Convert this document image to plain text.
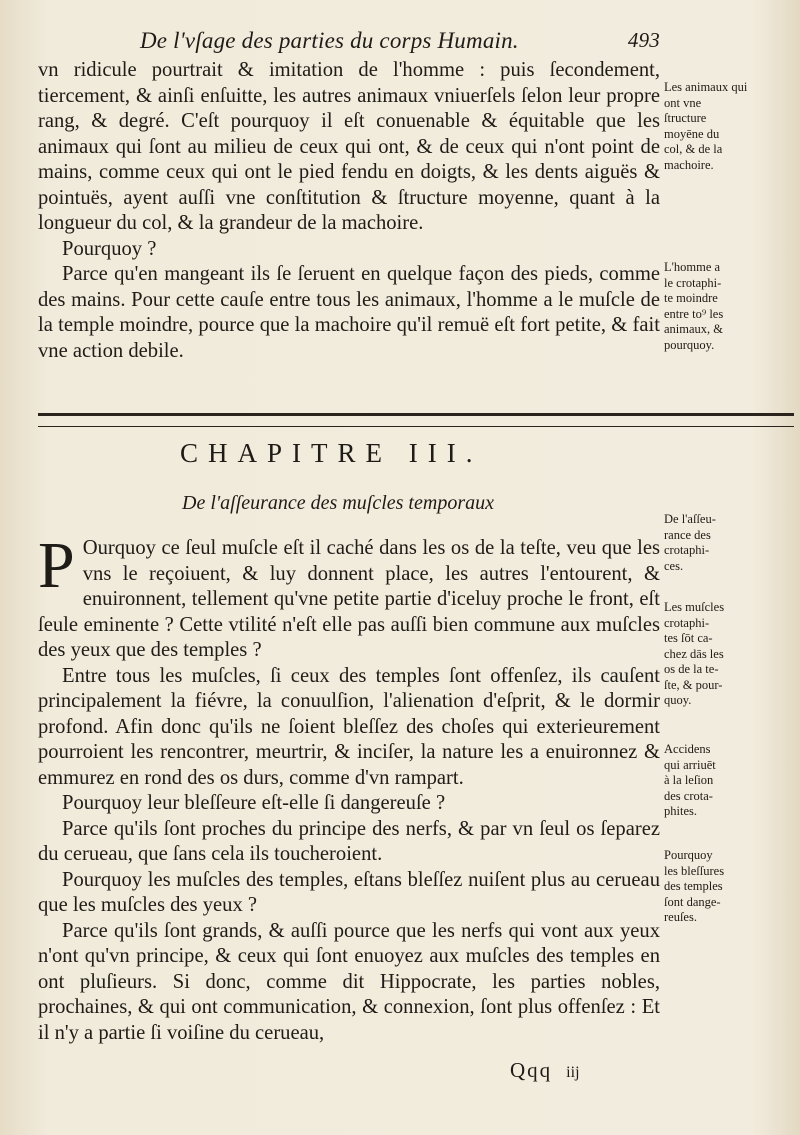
De l'vſage des parties du corps Humain.	493

vn ridicule pourtrait & imitation de l'homme : puis ſecondement, tiercement, & ainſi enſuitte, les autres animaux vniuerſels ſelon leur propre rang, & degré. C'eſt pourquoy il eſt conuenable & équitable que les animaux qui ſont au milieu de ceux qui ont, & de ceux qui n'ont point de mains, comme ceux qui ont le pied fendu en doigts, & les dents aiguës & pointuës, ayent auſſi vne conſtitution & ſtructure moyenne, quant à la longueur du col, & la grandeur de la machoire.

Pourquoy ?

Parce qu'en mangeant ils ſe ſeruent en quelque façon des pieds, comme des mains. Pour cette cauſe entre tous les animaux, l'homme a le muſcle de la temple moindre, pource que la machoire qu'il remuë eſt fort petite, & fait vne action debile.

CHAPITRE III.
De l'aſſeurance des muſcles temporaux

P Ourquoy ce ſeul muſcle eſt il caché dans les os de la teſte, veu que les vns le reçoiuent, & luy donnent place, les autres l'entourent, & enuironnent, tellement qu'vne petite partie d'iceluy proche le front, eſt ſeule eminente ? Cette vtilité n'eſt elle pas auſſi bien commune aux muſcles des yeux que des temples ?

Entre tous les muſcles, ſi ceux des temples ſont offenſez, ils cauſent principalement la fiévre, la conuulſion, l'alienation d'eſprit, & le dormir profond. Afin donc qu'ils ne ſoient bleſſez des choſes qui exterieurement pourroient les rencontrer, meurtrir, & inciſer, la nature les a enuironnez & emmurez en rond des os durs, comme d'vn rampart.

Pourquoy leur bleſſeure eſt-elle ſi dangereuſe ?

Parce qu'ils ſont proches du principe des nerfs, & par vn ſeul os ſeparez du cerueau, que ſans cela ils toucheroient.

Pourquoy les muſcles des temples, eſtans bleſſez nuiſent plus au cerueau que les muſcles des yeux ?

Parce qu'ils ſont grands, & auſſi pource que les nerfs qui vont aux yeux n'ont qu'vn principe, & ceux qui ſont enuoyez aux muſcles des temples en ont pluſieurs. Si donc, comme dit Hippocrate, les parties nobles, prochaines, & qui ont communication, & connexion, ſont plus offenſez : Et il n'y a partie ſi voiſine du cerueau,

Les animaux qui
ont vne
ſtructure
moyēne du
col, & de la
machoire.
L'homme a
le crotaphi-
te moindre
entre to⁹ les
animaux, &
pourquoy.
De l'aſſeu-
rance des
crotaphi-
ces.
Les muſcles
crotaphi-
tes ſōt ca-
chez dās les
os de la te-
ſte, & pour-
quoy.
Accidens
qui arriuēt
à la leſion
des crota-
phites.
Pourquoy
les bleſſures
des temples
ſont dange-
reuſes.
Qqq iij
